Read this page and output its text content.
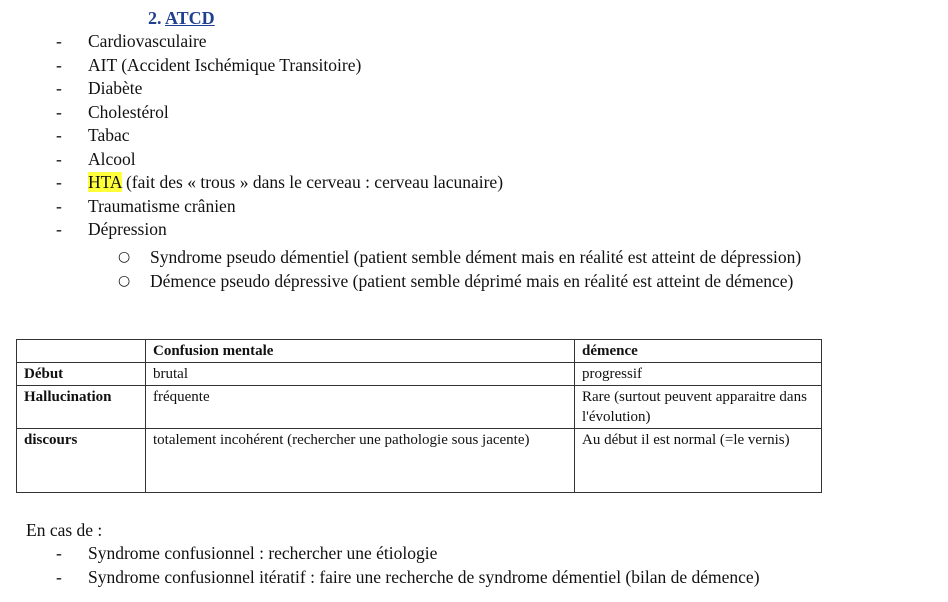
2. ATCD
- Cardiovasculaire
- AIT (Accident Ischémique Transitoire)
- Diabète
- Cholestérol
- Tabac
- Alcool
- HTA (fait des « trous » dans le cerveau : cerveau lacunaire)
- Traumatisme crânien
- Dépression
○ Syndrome pseudo démentiel (patient semble dément mais en réalité est atteint de dépression)
○ Démence pseudo dépressive (patient semble déprimé mais en réalité est atteint de démence)
	Confusion mentale	démence
Début	brutal	progressif
Hallucination	fréquente	Rare (surtout peuvent apparaitre dans l'évolution)
discours	totalement incohérent (rechercher une pathologie sous jacente)	Au début il est normal (=le vernis)
En cas de :
- Syndrome confusionnel : rechercher une étiologie
- Syndrome confusionnel itératif : faire une recherche de syndrome démentiel (bilan de démence)
